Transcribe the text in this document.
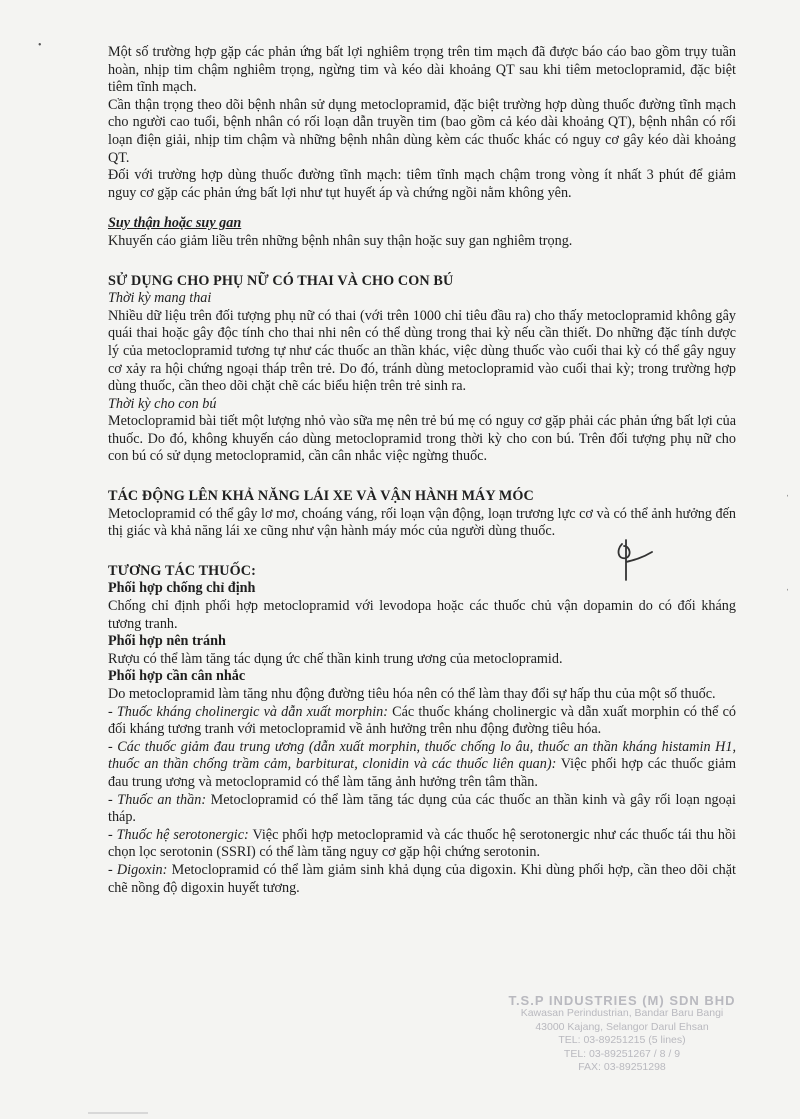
Một số trường hợp gặp các phản ứng bất lợi nghiêm trọng trên tim mạch đã được báo cáo bao gồm trụy tuần hoàn, nhịp tim chậm nghiêm trọng, ngừng tim và kéo dài khoảng QT sau khi tiêm metoclopramid, đặc biệt tiêm tĩnh mạch.

Cần thận trọng theo dõi bệnh nhân sử dụng metoclopramid, đặc biệt trường hợp dùng thuốc đường tĩnh mạch cho người cao tuổi, bệnh nhân có rối loạn dẫn truyền tim (bao gồm cả kéo dài khoảng QT), bệnh nhân có rối loạn điện giải, nhịp tim chậm và những bệnh nhân dùng kèm các thuốc khác có nguy cơ gây kéo dài khoảng QT.

Đối với trường hợp dùng thuốc đường tĩnh mạch: tiêm tĩnh mạch chậm trong vòng ít nhất 3 phút để giảm nguy cơ gặp các phản ứng bất lợi như tụt huyết áp và chứng ngồi nằm không yên.

Suy thận hoặc suy gan

Khuyến cáo giảm liều trên những bệnh nhân suy thận hoặc suy gan nghiêm trọng.

SỬ DỤNG CHO PHỤ NỮ CÓ THAI VÀ CHO CON BÚ

Thời kỳ mang thai

Nhiều dữ liệu trên đối tượng phụ nữ có thai (với trên 1000 chỉ tiêu đầu ra) cho thấy metoclopramid không gây quái thai hoặc gây độc tính cho thai nhi nên có thể dùng trong thai kỳ nếu cần thiết. Do những đặc tính dược lý của metoclopramid tương tự như các thuốc an thần khác, việc dùng thuốc vào cuối thai kỳ có thể gây nguy cơ xảy ra hội chứng ngoại tháp trên trẻ. Do đó, tránh dùng metoclopramid vào cuối thai kỳ; trong trường hợp dùng thuốc, cần theo dõi chặt chẽ các biểu hiện trên trẻ sinh ra.

Thời kỳ cho con bú

Metoclopramid bài tiết một lượng nhỏ vào sữa mẹ nên trẻ bú mẹ có nguy cơ gặp phải các phản ứng bất lợi của thuốc. Do đó, không khuyến cáo dùng metoclopramid trong thời kỳ cho con bú. Trên đối tượng phụ nữ cho con bú có sử dụng metoclopramid, cần cân nhắc việc ngừng thuốc.

TÁC ĐỘNG LÊN KHẢ NĂNG LÁI XE VÀ VẬN HÀNH MÁY MÓC

Metoclopramid có thể gây lơ mơ, choáng váng, rối loạn vận động, loạn trương lực cơ và có thể ảnh hưởng đến thị giác và khả năng lái xe cũng như vận hành máy móc của người dùng thuốc.

TƯƠNG TÁC THUỐC:

Phối hợp chống chỉ định

Chống chỉ định phối hợp metoclopramid với levodopa hoặc các thuốc chủ vận dopamin do có đối kháng tương tranh.

Phối hợp nên tránh

Rượu có thể làm tăng tác dụng ức chế thần kinh trung ương của metoclopramid.

Phối hợp cần cân nhắc

Do metoclopramid làm tăng nhu động đường tiêu hóa nên có thể làm thay đổi sự hấp thu của một số thuốc.

- Thuốc kháng cholinergic và dẫn xuất morphin: Các thuốc kháng cholinergic và dẫn xuất morphin có thể có đối kháng tương tranh với metoclopramid về ảnh hưởng trên nhu động đường tiêu hóa.

- Các thuốc giảm đau trung ương (dẫn xuất morphin, thuốc chống lo âu, thuốc an thần kháng histamin H1, thuốc an thần chống trầm cảm, barbiturat, clonidin và các thuốc liên quan): Việc phối hợp các thuốc giảm đau trung ương và metoclopramid có thể làm tăng ảnh hưởng trên tâm thần.

- Thuốc an thần: Metoclopramid có thể làm tăng tác dụng của các thuốc an thần kinh và gây rối loạn ngoại tháp.

- Thuốc hệ serotonergic: Việc phối hợp metoclopramid và các thuốc hệ serotonergic như các thuốc tái thu hồi chọn lọc serotonin (SSRI) có thể làm tăng nguy cơ gặp hội chứng serotonin.

- Digoxin: Metoclopramid có thể làm giảm sinh khả dụng của digoxin. Khi dùng phối hợp, cần theo dõi chặt chẽ nồng độ digoxin huyết tương.

T.S.P INDUSTRIES (M) SDN BHD
Kawasan Perindustrian, Bandar Baru Bangi
43000 Kajang, Selangor Darul Ehsan
TEL: 03-89251215 (5 lines)
TEL: 03-89251267 / 8 / 9
FAX: 03-89251298
•
ˌ
ˌ
